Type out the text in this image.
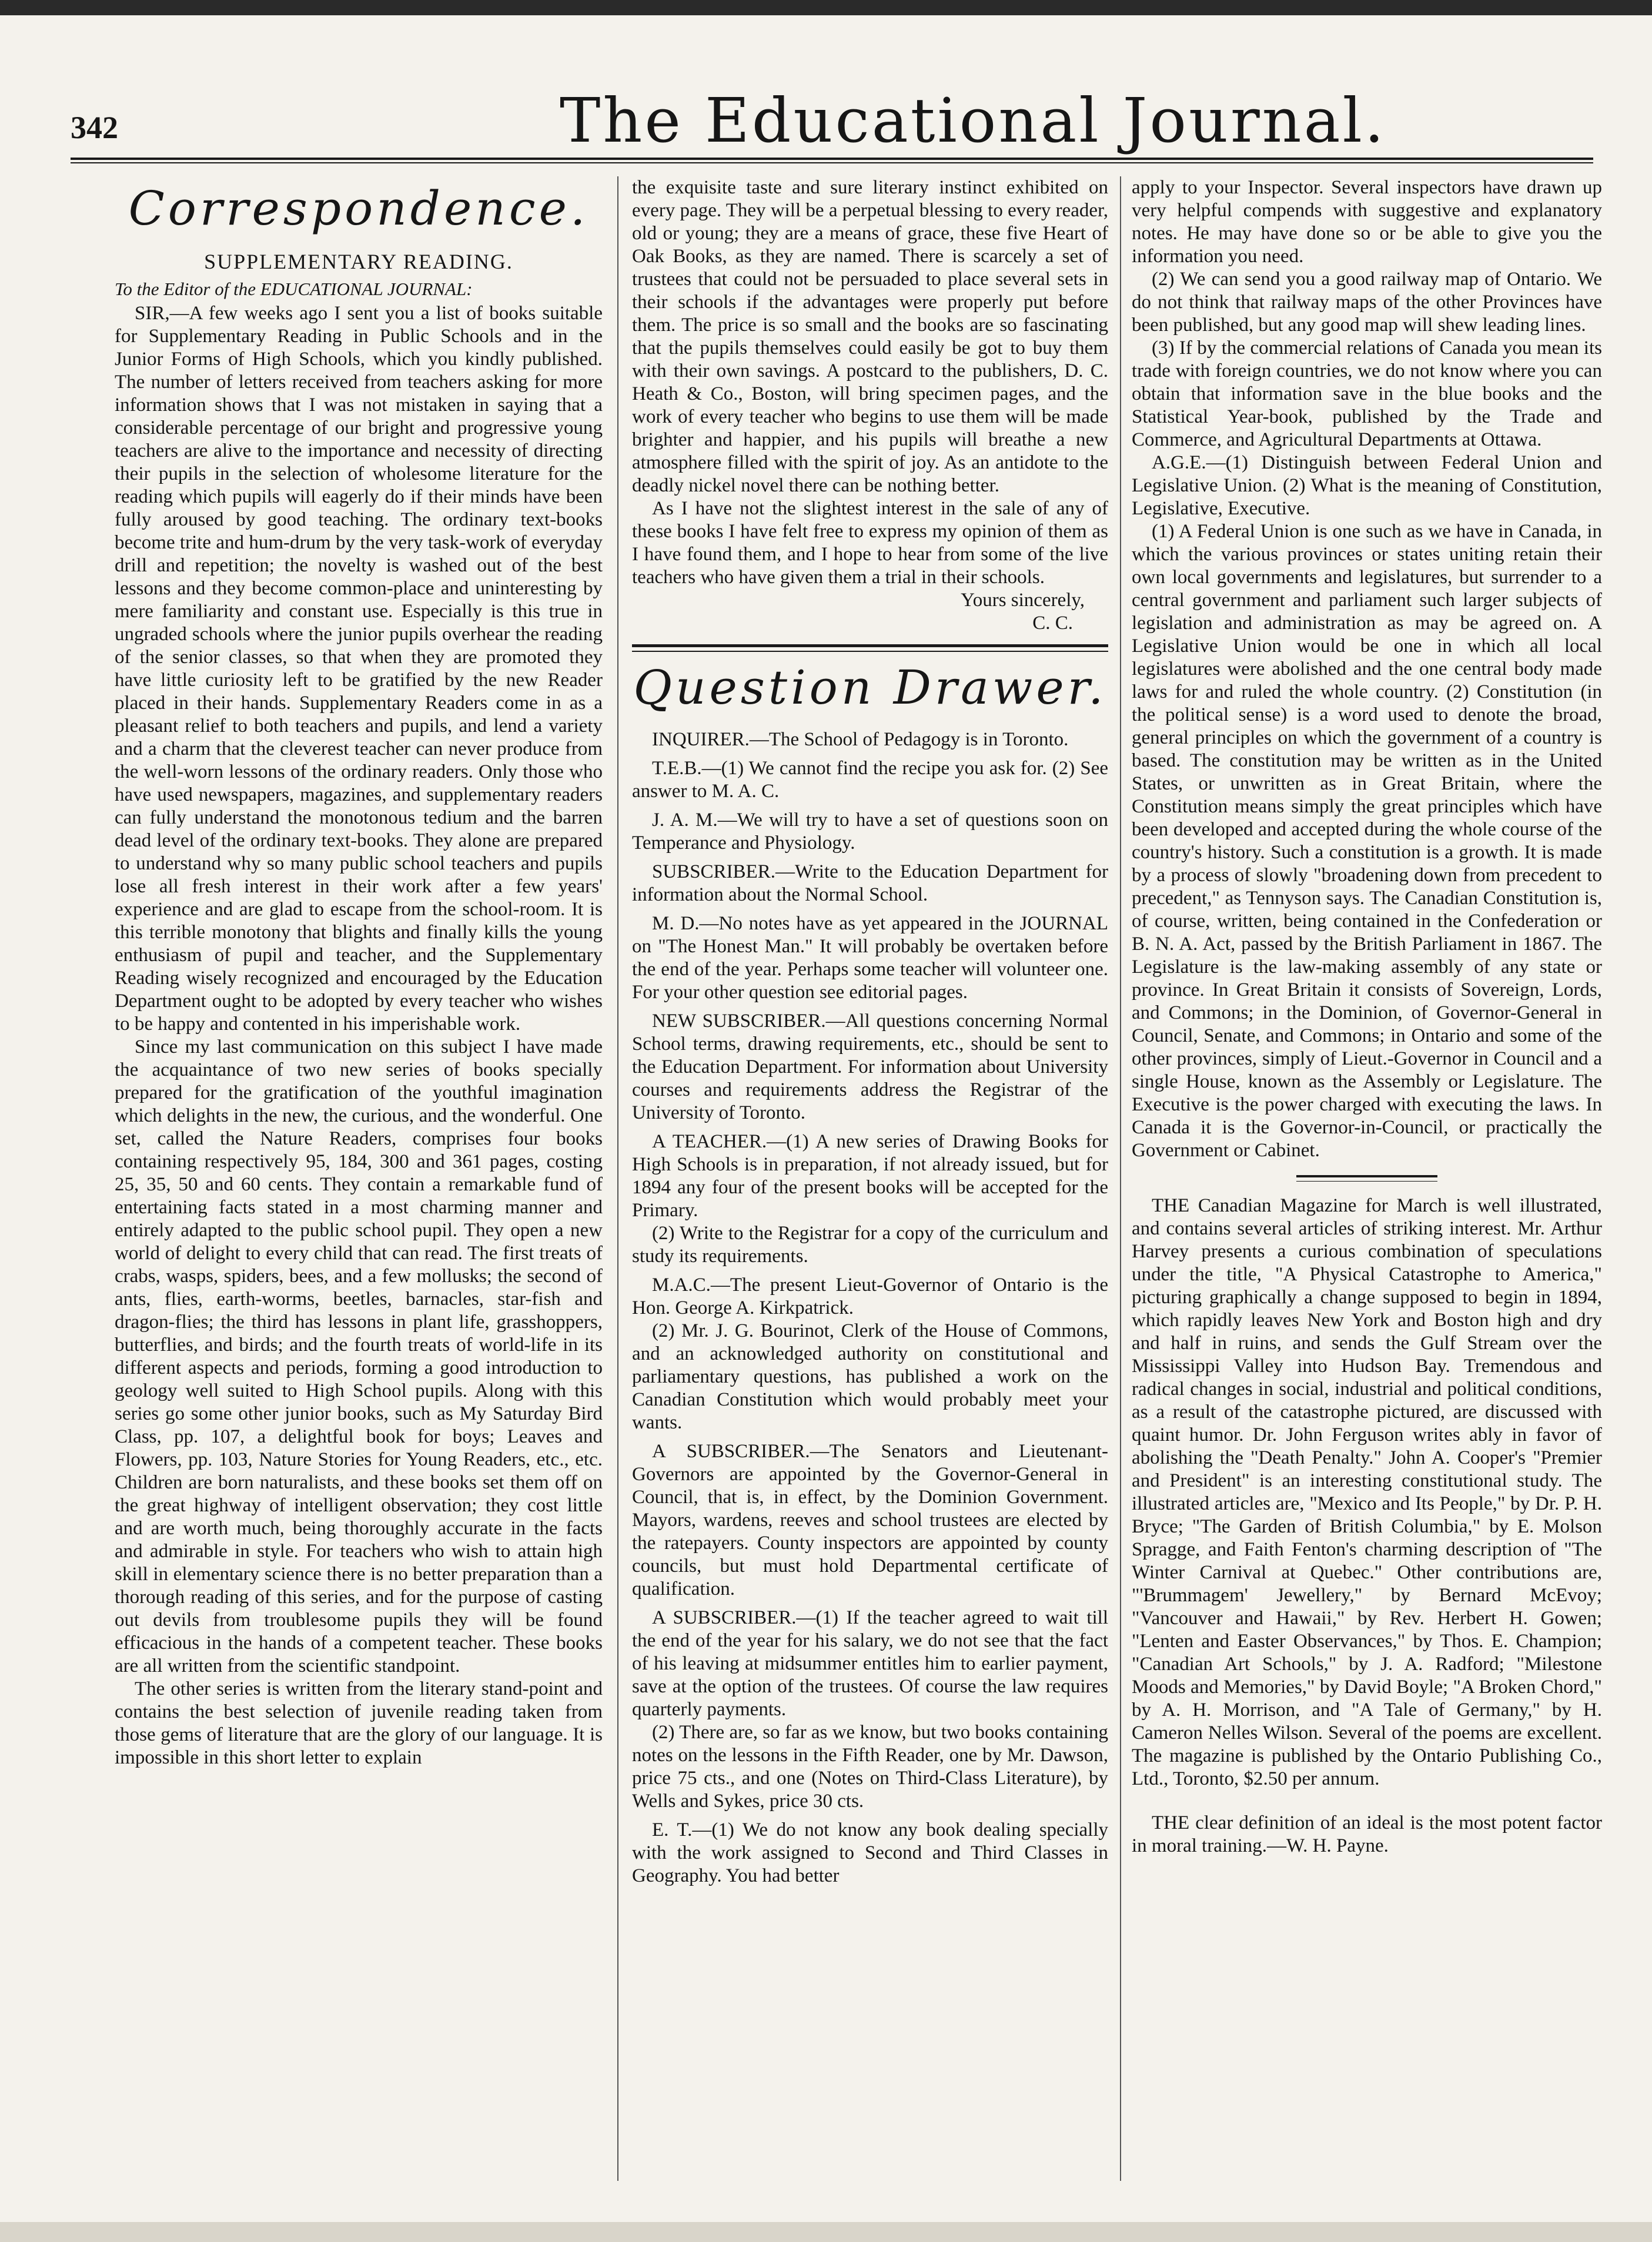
342	The Educational Journal.
Correspondence.
SUPPLEMENTARY READING.
To the Editor of the EDUCATIONAL JOURNAL:

SIR,—A few weeks ago I sent you a list of books suitable for Supplementary Reading in Public Schools and in the Junior Forms of High Schools, which you kindly published. The number of letters received from teachers asking for more information shows that I was not mistaken in saying that a considerable percentage of our bright and progressive young teachers are alive to the importance and necessity of directing their pupils in the selection of wholesome literature for the reading which pupils will eagerly do if their minds have been fully aroused by good teaching. The ordinary text-books become trite and hum-drum by the very task-work of everyday drill and repetition; the novelty is washed out of the best lessons and they become common-place and uninteresting by mere familiarity and constant use. Especially is this true in ungraded schools where the junior pupils overhear the reading of the senior classes, so that when they are promoted they have little curiosity left to be gratified by the new Reader placed in their hands. Supplementary Readers come in as a pleasant relief to both teachers and pupils, and lend a variety and a charm that the cleverest teacher can never produce from the well-worn lessons of the ordinary readers. Only those who have used newspapers, magazines, and supplementary readers can fully understand the monotonous tedium and the barren dead level of the ordinary text-books. They alone are prepared to understand why so many public school teachers and pupils lose all fresh interest in their work after a few years' experience and are glad to escape from the school-room. It is this terrible monotony that blights and finally kills the young enthusiasm of pupil and teacher, and the Supplementary Reading wisely recognized and encouraged by the Education Department ought to be adopted by every teacher who wishes to be happy and contented in his imperishable work.

Since my last communication on this subject I have made the acquaintance of two new series of books specially prepared for the gratification of the youthful imagination which delights in the new, the curious, and the wonderful. One set, called the Nature Readers, comprises four books containing respectively 95, 184, 300 and 361 pages, costing 25, 35, 50 and 60 cents. They contain a remarkable fund of entertaining facts stated in a most charming manner and entirely adapted to the public school pupil. They open a new world of delight to every child that can read. The first treats of crabs, wasps, spiders, bees, and a few mollusks; the second of ants, flies, earth-worms, beetles, barnacles, star-fish and dragon-flies; the third has lessons in plant life, grasshoppers, butterflies, and birds; and the fourth treats of world-life in its different aspects and periods, forming a good introduction to geology well suited to High School pupils. Along with this series go some other junior books, such as My Saturday Bird Class, pp. 107, a delightful book for boys; Leaves and Flowers, pp. 103, Nature Stories for Young Readers, etc., etc. Children are born naturalists, and these books set them off on the great highway of intelligent observation; they cost little and are worth much, being thoroughly accurate in the facts and admirable in style. For teachers who wish to attain high skill in elementary science there is no better preparation than a thorough reading of this series, and for the purpose of casting out devils from troublesome pupils they will be found efficacious in the hands of a competent teacher. These books are all written from the scientific standpoint.

The other series is written from the literary stand-point and contains the best selection of juvenile reading taken from those gems of literature that are the glory of our language. It is impossible in this short letter to explain

the exquisite taste and sure literary instinct exhibited on every page. They will be a perpetual blessing to every reader, old or young; they are a means of grace, these five Heart of Oak Books, as they are named. There is scarcely a set of trustees that could not be persuaded to place several sets in their schools if the advantages were properly put before them. The price is so small and the books are so fascinating that the pupils themselves could easily be got to buy them with their own savings. A postcard to the publishers, D. C. Heath & Co., Boston, will bring specimen pages, and the work of every teacher who begins to use them will be made brighter and happier, and his pupils will breathe a new atmosphere filled with the spirit of joy. As an antidote to the deadly nickel novel there can be nothing better.

As I have not the slightest interest in the sale of any of these books I have felt free to express my opinion of them as I have found them, and I hope to hear from some of the live teachers who have given them a trial in their schools.

Yours sincerely,
C. C.
Question Drawer.

INQUIRER.—The School of Pedagogy is in Toronto.

T.E.B.—(1) We cannot find the recipe you ask for. (2) See answer to M. A. C.

J. A. M.—We will try to have a set of questions soon on Temperance and Physiology.

SUBSCRIBER.—Write to the Education Department for information about the Normal School.

M. D.—No notes have as yet appeared in the JOURNAL on "The Honest Man." It will probably be overtaken before the end of the year. Perhaps some teacher will volunteer one. For your other question see editorial pages.

NEW SUBSCRIBER.—All questions concerning Normal School terms, drawing requirements, etc., should be sent to the Education Department. For information about University courses and requirements address the Registrar of the University of Toronto.

A TEACHER.—(1) A new series of Drawing Books for High Schools is in preparation, if not already issued, but for 1894 any four of the present books will be accepted for the Primary.

(2) Write to the Registrar for a copy of the curriculum and study its requirements.

M.A.C.—The present Lieut-Governor of Ontario is the Hon. George A. Kirkpatrick.

(2) Mr. J. G. Bourinot, Clerk of the House of Commons, and an acknowledged authority on constitutional and parliamentary questions, has published a work on the Canadian Constitution which would probably meet your wants.

A SUBSCRIBER.—The Senators and Lieutenant-Governors are appointed by the Governor-General in Council, that is, in effect, by the Dominion Government. Mayors, wardens, reeves and school trustees are elected by the ratepayers. County inspectors are appointed by county councils, but must hold Departmental certificate of qualification.

A SUBSCRIBER.—(1) If the teacher agreed to wait till the end of the year for his salary, we do not see that the fact of his leaving at midsummer entitles him to earlier payment, save at the option of the trustees. Of course the law requires quarterly payments.

(2) There are, so far as we know, but two books containing notes on the lessons in the Fifth Reader, one by Mr. Dawson, price 75 cts., and one (Notes on Third-Class Literature), by Wells and Sykes, price 30 cts.

E. T.—(1) We do not know any book dealing specially with the work assigned to Second and Third Classes in Geography. You had better

apply to your Inspector. Several inspectors have drawn up very helpful compends with suggestive and explanatory notes. He may have done so or be able to give you the information you need.

(2) We can send you a good railway map of Ontario. We do not think that railway maps of the other Provinces have been published, but any good map will shew leading lines.

(3) If by the commercial relations of Canada you mean its trade with foreign countries, we do not know where you can obtain that information save in the blue books and the Statistical Year-book, published by the Trade and Commerce, and Agricultural Departments at Ottawa.

A.G.E.—(1) Distinguish between Federal Union and Legislative Union. (2) What is the meaning of Constitution, Legislative, Executive.

(1) A Federal Union is one such as we have in Canada, in which the various provinces or states uniting retain their own local governments and legislatures, but surrender to a central government and parliament such larger subjects of legislation and administration as may be agreed on. A Legislative Union would be one in which all local legislatures were abolished and the one central body made laws for and ruled the whole country. (2) Constitution (in the political sense) is a word used to denote the broad, general principles on which the government of a country is based. The constitution may be written as in the United States, or unwritten as in Great Britain, where the Constitution means simply the great principles which have been developed and accepted during the whole course of the country's history. Such a constitution is a growth. It is made by a process of slowly "broadening down from precedent to precedent," as Tennyson says. The Canadian Constitution is, of course, written, being contained in the Confederation or B. N. A. Act, passed by the British Parliament in 1867. The Legislature is the law-making assembly of any state or province. In Great Britain it consists of Sovereign, Lords, and Commons; in the Dominion, of Governor-General in Council, Senate, and Commons; in Ontario and some of the other provinces, simply of Lieut.-Governor in Council and a single House, known as the Assembly or Legislature. The Executive is the power charged with executing the laws. In Canada it is the Governor-in-Council, or practically the Government or Cabinet.

THE Canadian Magazine for March is well illustrated, and contains several articles of striking interest. Mr. Arthur Harvey presents a curious combination of speculations under the title, "A Physical Catastrophe to America," picturing graphically a change supposed to begin in 1894, which rapidly leaves New York and Boston high and dry and half in ruins, and sends the Gulf Stream over the Mississippi Valley into Hudson Bay. Tremendous and radical changes in social, industrial and political conditions, as a result of the catastrophe pictured, are discussed with quaint humor. Dr. John Ferguson writes ably in favor of abolishing the "Death Penalty." John A. Cooper's "Premier and President" is an interesting constitutional study. The illustrated articles are, "Mexico and Its People," by Dr. P. H. Bryce; "The Garden of British Columbia," by E. Molson Spragge, and Faith Fenton's charming description of "The Winter Carnival at Quebec." Other contributions are, "'Brummagem' Jewellery," by Bernard McEvoy; "Vancouver and Hawaii," by Rev. Herbert H. Gowen; "Lenten and Easter Observances," by Thos. E. Champion; "Canadian Art Schools," by J. A. Radford; "Milestone Moods and Memories," by David Boyle; "A Broken Chord," by A. H. Morrison, and "A Tale of Germany," by H. Cameron Nelles Wilson. Several of the poems are excellent. The magazine is published by the Ontario Publishing Co., Ltd., Toronto, $2.50 per annum.

THE clear definition of an ideal is the most potent factor in moral training.—W. H. Payne.
